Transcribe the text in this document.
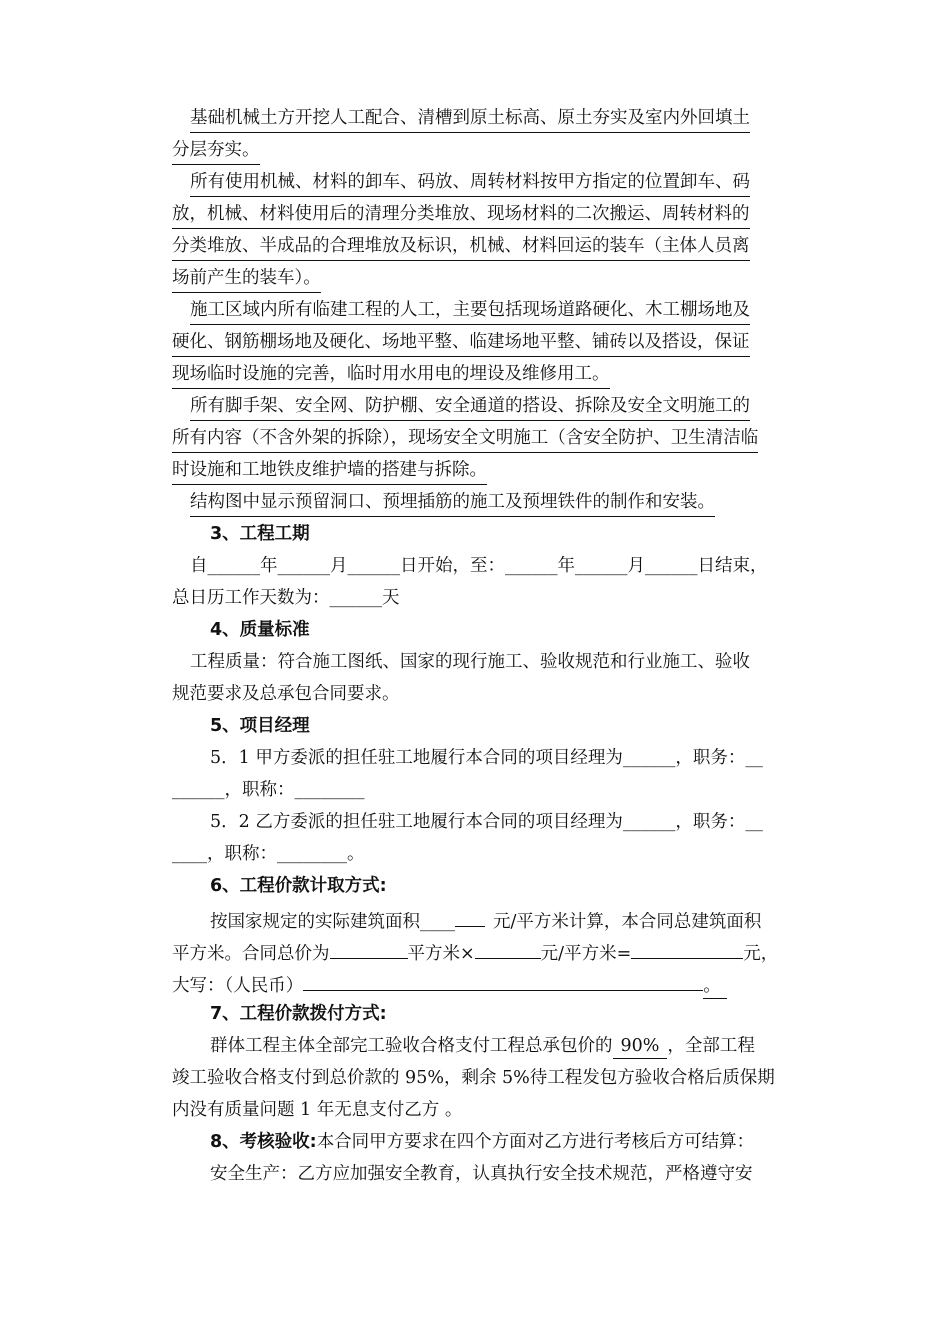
基础机械土方开挖人工配合、清槽到原土标高、原土夯实及室内外回填土
分层夯实。
所有使用机械、材料的卸车、码放、周转材料按甲方指定的位置卸车、码
放，机械、材料使用后的清理分类堆放、现场材料的二次搬运、周转材料的
分类堆放、半成品的合理堆放及标识，机械、材料回运的装车（主体人员离
场前产生的装车）。
施工区域内所有临建工程的人工，主要包括现场道路硬化、木工棚场地及
硬化、钢筋棚场地及硬化、场地平整、临建场地平整、铺砖以及搭设，保证
现场临时设施的完善，临时用水用电的埋设及维修用工。
所有脚手架、安全网、防护棚、安全通道的搭设、拆除及安全文明施工的
所有内容（不含外架的拆除），现场安全文明施工（含安全防护、卫生清洁临
时设施和工地铁皮维护墙的搭建与拆除。
结构图中显示预留洞口、预埋插筋的施工及预埋铁件的制作和安装。
3、工程工期
自______年______月______日开始，至：______年______月______日结束，
总日历工作天数为：______天
4、质量标准
工程质量：符合施工图纸、国家的现行施工、验收规范和行业施工、验收
规范要求及总承包合同要求。
5、项目经理
5．1 甲方委派的担任驻工地履行本合同的项目经理为______，职务：__
______，职称：________
5．2 乙方委派的担任驻工地履行本合同的项目经理为______，职务：__
____，职称：________。
6、工程价款计取方式:
按国家规定的实际建筑面积____ 元/平方米计算，本合同总建筑面积
平方米。合同总价为	平方米×	元/平方米=	元，
大写：（人民币）	。
7、工程价款拨付方式:
群体工程主体全部完工验收合格支付工程总承包价的 90% ，全部工程
竣工验收合格支付到总价款的 95%，剩余 5%待工程发包方验收合格后质保期
内没有质量问题 1 年无息支付乙方 。
8、考核验收:本合同甲方要求在四个方面对乙方进行考核后方可结算：
安全生产：乙方应加强安全教育，认真执行安全技术规范，严格遵守安
